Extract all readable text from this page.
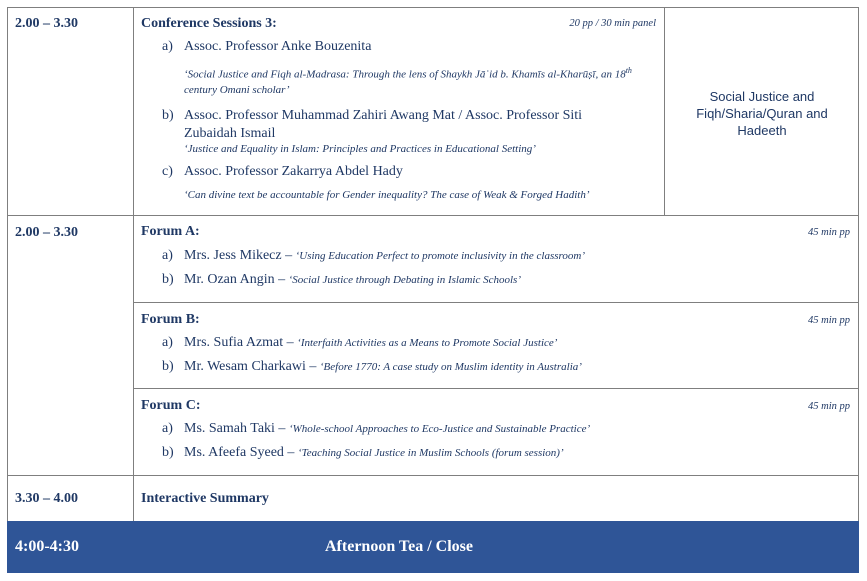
2.00 – 3.30	Conference Sessions 3:	20 pp / 30 min panel
a) Assoc. Professor Anke Bouzenita
‘Social Justice and Fiqh al-Madrasa: Through the lens of Shaykh Jāʿid b. Khamīs al-Kharūṣī, an 18th century Omani scholar’
b) Assoc. Professor Muhammad Zahiri Awang Mat / Assoc. Professor Siti
Zubaidah Ismail
‘Justice and Equality in Islam: Principles and Practices in Educational Setting’
c) Assoc. Professor Zakarrya Abdel Hady
‘Can divine text be accountable for Gender inequality? The case of Weak & Forged Hadith’
Social Justice and Fiqh/Sharia/Quran and Hadeeth
2.00 – 3.30	Forum A:	45 min pp
a) Mrs. Jess Mikecz – ‘Using Education Perfect to promote inclusivity in the classroom’
b) Mr. Ozan Angin – ‘Social Justice through Debating in Islamic Schools’
Forum B:	45 min pp
a) Mrs. Sufia Azmat – ‘Interfaith Activities as a Means to Promote Social Justice’
b) Mr. Wesam Charkawi – ‘Before 1770: A case study on Muslim identity in Australia’
Forum C:	45 min pp
a) Ms. Samah Taki – ‘Whole-school Approaches to Eco-Justice and Sustainable Practice’
b) Ms. Afeefa Syeed – ‘Teaching Social Justice in Muslim Schools (forum session)’
3.30 – 4.00	Interactive Summary
4:00-4:30	Afternoon Tea / Close
